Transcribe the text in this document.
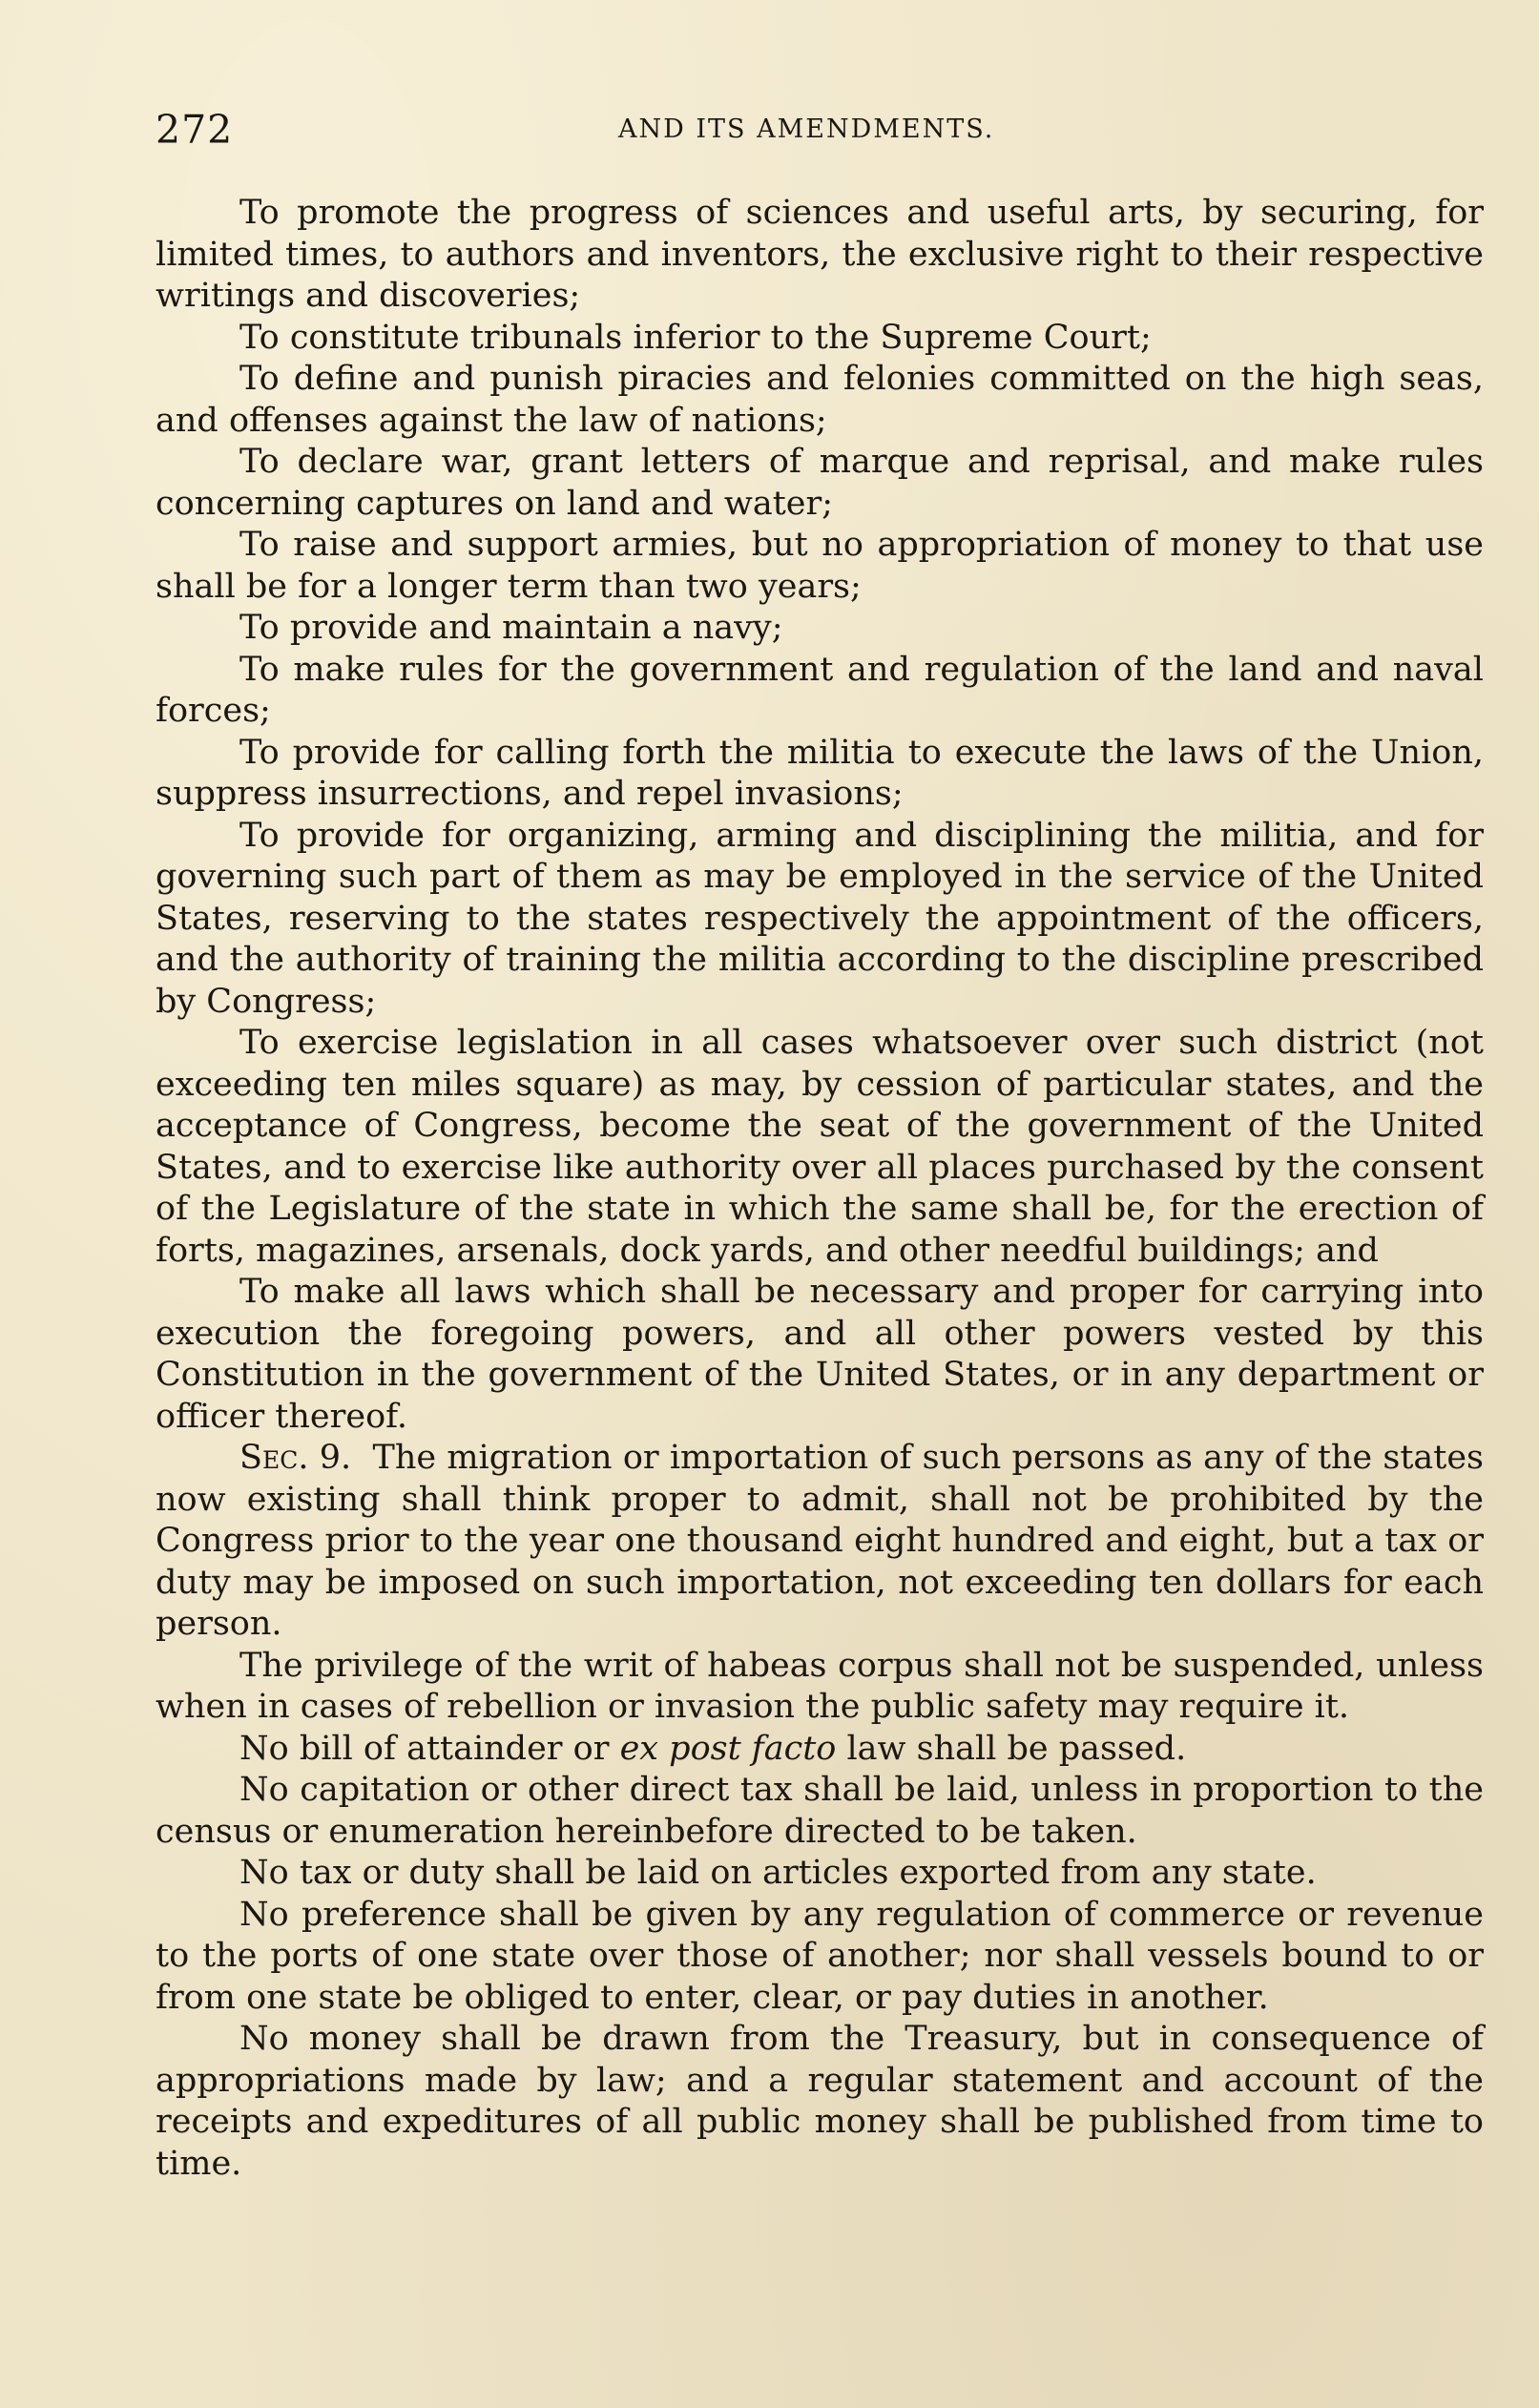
272	AND ITS AMENDMENTS.

To promote the progress of sciences and useful arts, by securing, for limited times, to authors and inventors, the exclusive right to their respective writings and discoveries;

To constitute tribunals inferior to the Supreme Court;

To define and punish piracies and felonies committed on the high seas, and offenses against the law of nations;

To declare war, grant letters of marque and reprisal, and make rules concerning captures on land and water;

To raise and support armies, but no appropriation of money to that use shall be for a longer term than two years;

To provide and maintain a navy;

To make rules for the government and regulation of the land and naval forces;

To provide for calling forth the militia to execute the laws of the Union, suppress insurrections, and repel invasions;

To provide for organizing, arming and disciplining the militia, and for governing such part of them as may be employed in the service of the United States, reserving to the states respectively the appointment of the officers, and the authority of training the militia according to the discipline prescribed by Congress;

To exercise legislation in all cases whatsoever over such district (not exceeding ten miles square) as may, by cession of particular states, and the acceptance of Congress, become the seat of the government of the United States, and to exercise like authority over all places purchased by the consent of the Legislature of the state in which the same shall be, for the erection of forts, magazines, arsenals, dock yards, and other needful buildings; and

To make all laws which shall be necessary and proper for carrying into execution the foregoing powers, and all other powers vested by this Constitution in the government of the United States, or in any department or officer thereof.

Sec. 9. The migration or importation of such persons as any of the states now existing shall think proper to admit, shall not be prohibited by the Congress prior to the year one thousand eight hundred and eight, but a tax or duty may be imposed on such importation, not exceeding ten dollars for each person.

The privilege of the writ of habeas corpus shall not be suspended, unless when in cases of rebellion or invasion the public safety may require it.

No bill of attainder or ex post facto law shall be passed.

No capitation or other direct tax shall be laid, unless in proportion to the census or enumeration hereinbefore directed to be taken.

No tax or duty shall be laid on articles exported from any state.

No preference shall be given by any regulation of commerce or revenue to the ports of one state over those of another; nor shall vessels bound to or from one state be obliged to enter, clear, or pay duties in another.

No money shall be drawn from the Treasury, but in consequence of appropriations made by law; and a regular statement and account of the receipts and expeditures of all public money shall be published from time to time.
